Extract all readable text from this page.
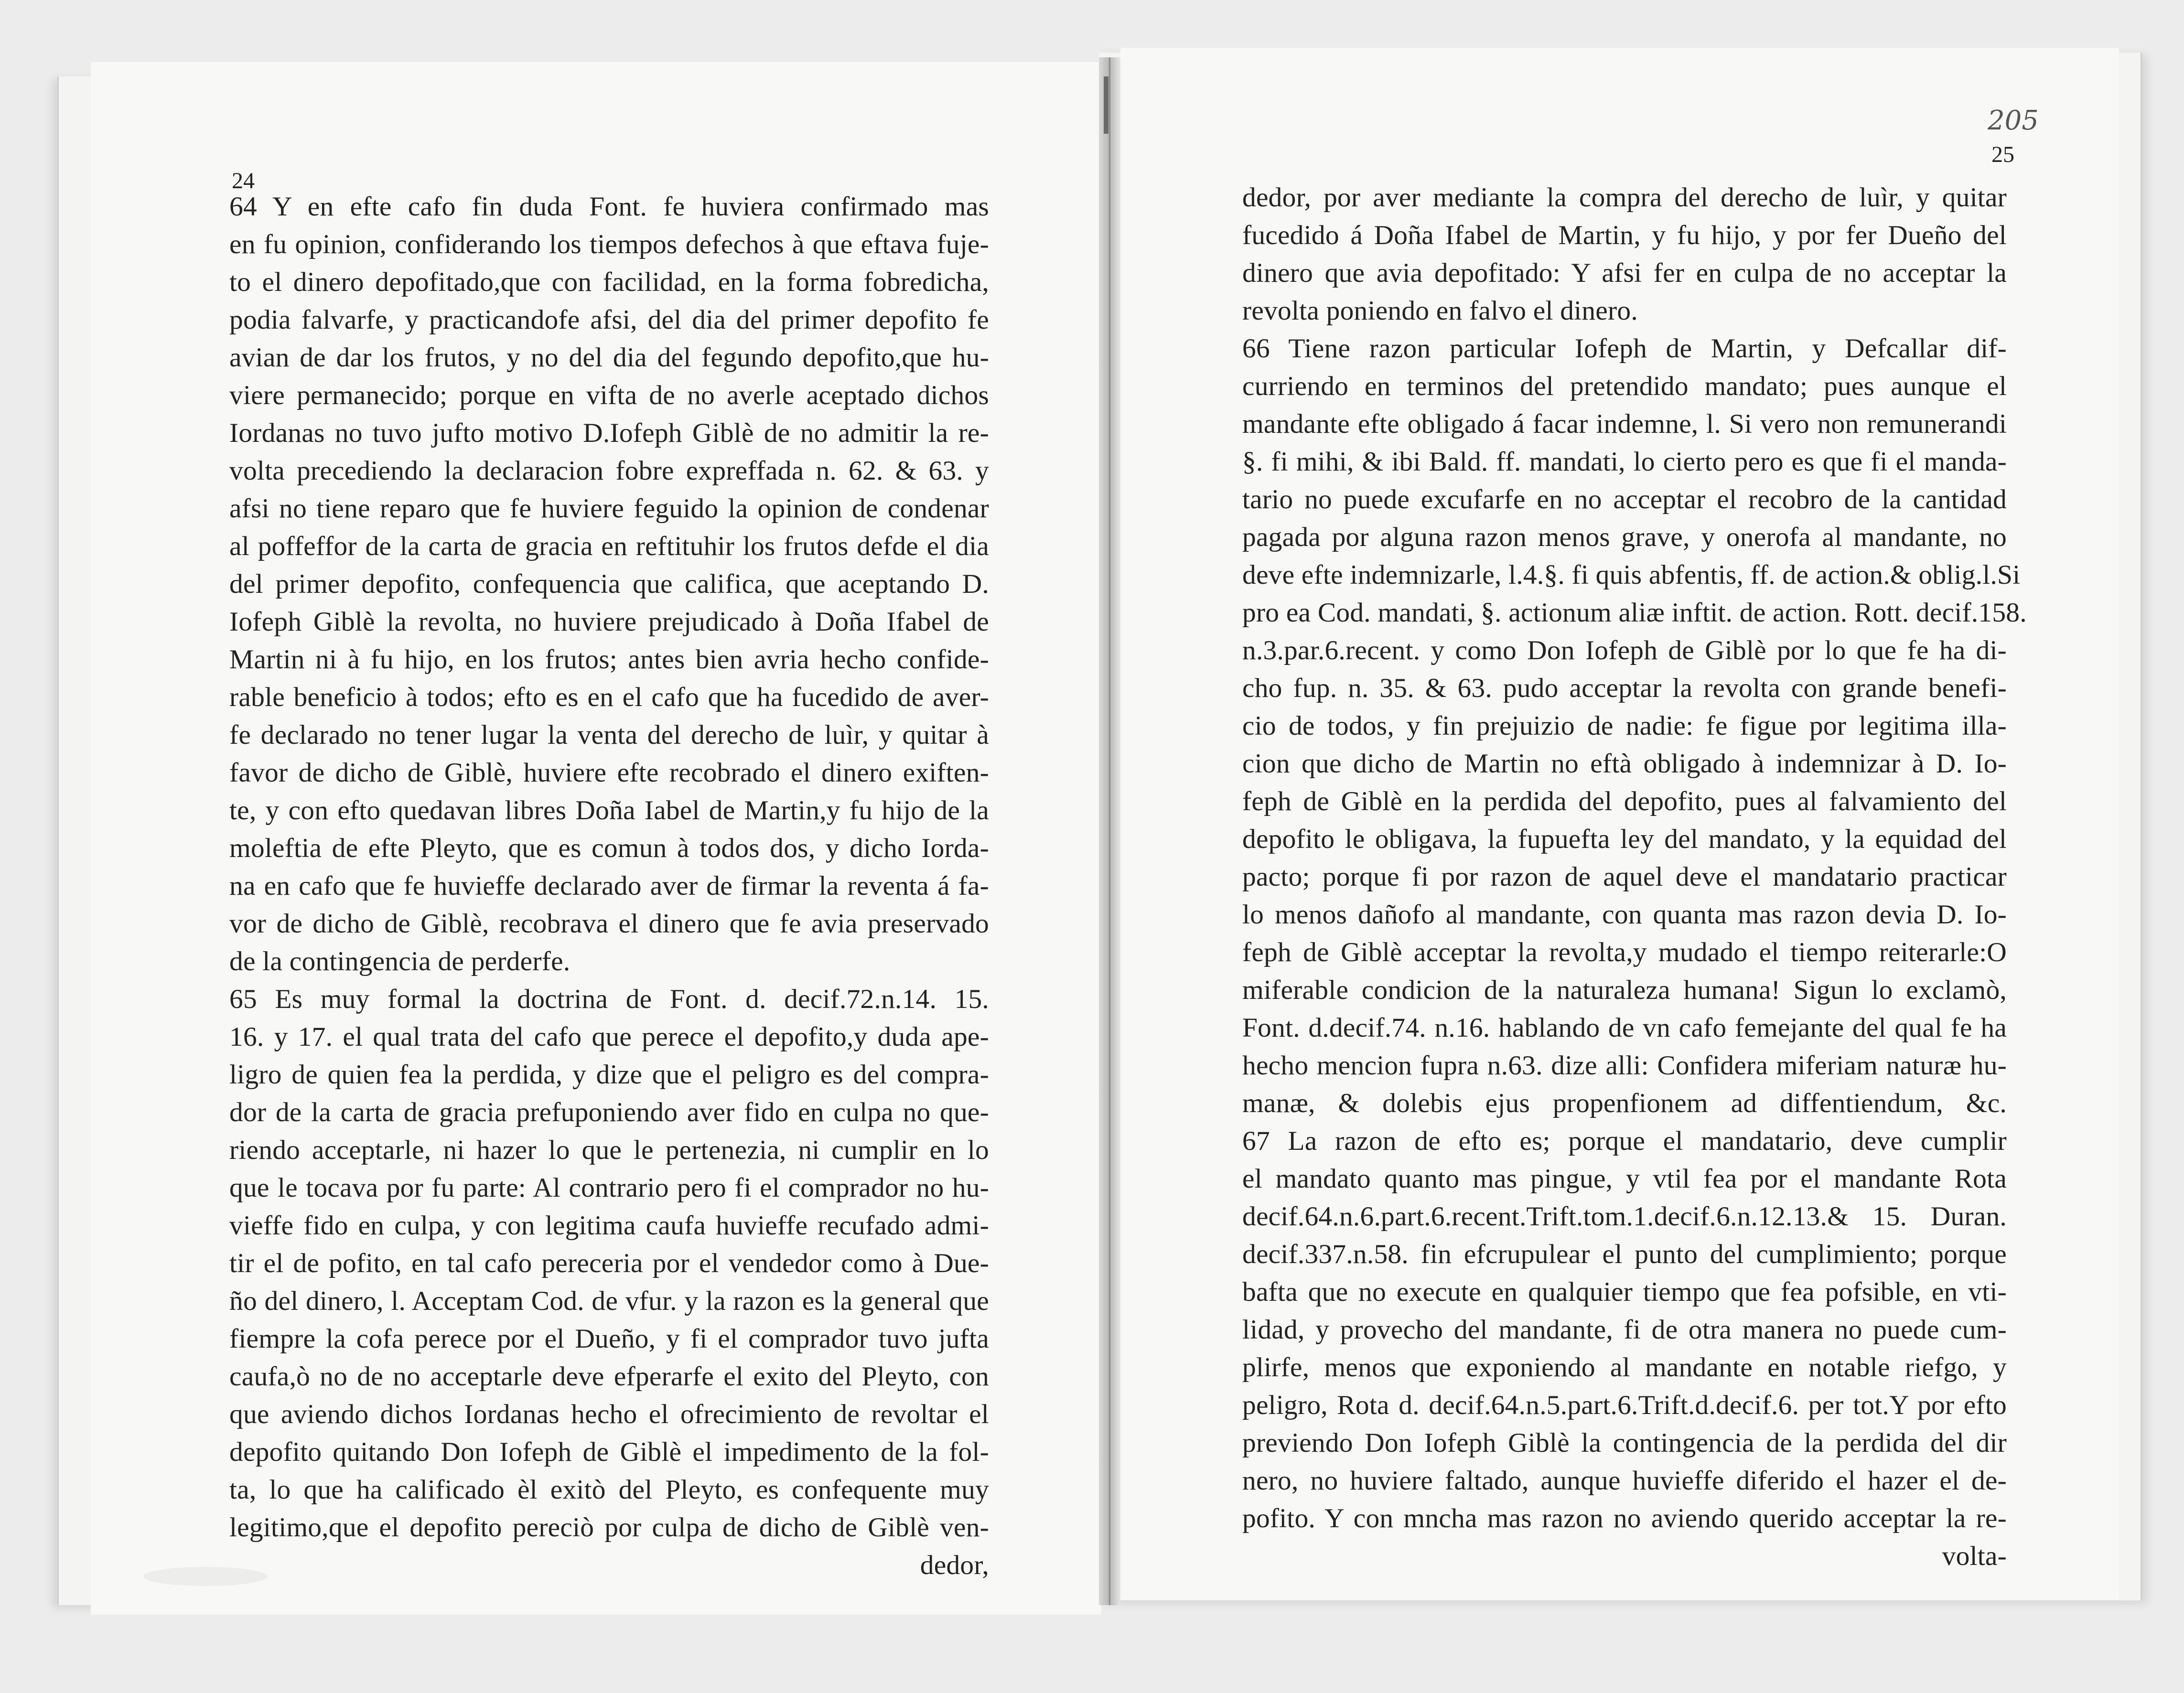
24
64 Y en efte cafo fin duda Font. fe huviera confirmado mas
en fu opinion, confiderando los tiempos defechos à que eftava fuje-
to el dinero depofitado,que con facilidad, en la forma fobredicha,
podia falvarfe, y practicandofe afsi, del dia del primer depofito fe
avian de dar los frutos, y no del dia del fegundo depofito,que hu-
viere permanecido; porque en vifta de no averle aceptado dichos
Iordanas no tuvo jufto motivo D.Iofeph Giblè de no admitir la re-
volta precediendo la declaracion fobre expreffada n. 62. & 63. y
afsi no tiene reparo que fe huviere feguido la opinion de condenar
al poffeffor de la carta de gracia en reftituhir los frutos defde el dia
del primer depofito, confequencia que califica, que aceptando D.
Iofeph Giblè la revolta, no huviere prejudicado à Doña Ifabel de
Martin ni à fu hijo, en los frutos; antes bien avria hecho confide-
rable beneficio à todos; efto es en el cafo que ha fucedido de aver-
fe declarado no tener lugar la venta del derecho de luìr, y quitar à
favor de dicho de Giblè, huviere efte recobrado el dinero exiften-
te, y con efto quedavan libres Doña Iabel de Martin,y fu hijo de la
moleftia de efte Pleyto, que es comun à todos dos, y dicho Iorda-
na en cafo que fe huvieffe declarado aver de firmar la reventa á fa-
vor de dicho de Giblè, recobrava el dinero que fe avia preservado
de la contingencia de perderfe.
65 Es muy formal la doctrina de Font. d. decif.72.n.14. 15.
16. y 17. el qual trata del cafo que perece el depofito,y duda ape-
ligro de quien fea la perdida, y dize que el peligro es del compra-
dor de la carta de gracia prefuponiendo aver fido en culpa no que-
riendo acceptarle, ni hazer lo que le pertenezia, ni cumplir en lo
que le tocava por fu parte: Al contrario pero fi el comprador no hu-
vieffe fido en culpa, y con legitima caufa huvieffe recufado admi-
tir el de pofito, en tal cafo pereceria por el vendedor como à Due-
ño del dinero, l. Acceptam Cod. de vfur. y la razon es la general que
fiempre la cofa perece por el Dueño, y fi el comprador tuvo jufta
caufa,ò no de no acceptarle deve efperarfe el exito del Pleyto, con
que aviendo dichos Iordanas hecho el ofrecimiento de revoltar el
depofito quitando Don Iofeph de Giblè el impedimento de la fol-
ta, lo que ha calificado èl exitò del Pleyto, es confequente muy
legitimo,que el depofito pereciò por culpa de dicho de Giblè ven-
dedor,
205
25
dedor, por aver mediante la compra del derecho de luìr, y quitar
fucedido á Doña Ifabel de Martin, y fu hijo, y por fer Dueño del
dinero que avia depofitado: Y afsi fer en culpa de no acceptar la
revolta poniendo en falvo el dinero.
66 Tiene razon particular Iofeph de Martin, y Defcallar dif-
curriendo en terminos del pretendido mandato; pues aunque el
mandante efte obligado á facar indemne, l. Si vero non remunerandi
§. fi mihi, & ibi Bald. ff. mandati, lo cierto pero es que fi el manda-
tario no puede excufarfe en no acceptar el recobro de la cantidad
pagada por alguna razon menos grave, y onerofa al mandante, no
deve efte indemnizarle, l.4.§. fi quis abfentis, ff. de action.& oblig.l.Si
pro ea Cod. mandati, §. actionum aliæ inftit. de action. Rott. decif.158.
n.3.par.6.recent. y como Don Iofeph de Giblè por lo que fe ha di-
cho fup. n. 35. & 63. pudo acceptar la revolta con grande benefi-
cio de todos, y fin prejuizio de nadie: fe figue por legitima illa-
cion que dicho de Martin no eftà obligado à indemnizar à D. Io-
feph de Giblè en la perdida del depofito, pues al falvamiento del
depofito le obligava, la fupuefta ley del mandato, y la equidad del
pacto; porque fi por razon de aquel deve el mandatario practicar
lo menos dañofo al mandante, con quanta mas razon devia D. Io-
feph de Giblè acceptar la revolta,y mudado el tiempo reiterarle:O
miferable condicion de la naturaleza humana! Sigun lo exclamò,
Font. d.decif.74. n.16. hablando de vn cafo femejante del qual fe ha
hecho mencion fupra n.63. dize alli: Confidera miferiam naturæ hu-
manæ, & dolebis ejus propenfionem ad diffentiendum, &c.
67 La razon de efto es; porque el mandatario, deve cumplir
el mandato quanto mas pingue, y vtil fea por el mandante Rota
decif.64.n.6.part.6.recent.Trift.tom.1.decif.6.n.12.13.& 15. Duran.
decif.337.n.58. fin efcrupulear el punto del cumplimiento; porque
bafta que no execute en qualquier tiempo que fea pofsible, en vti-
lidad, y provecho del mandante, fi de otra manera no puede cum-
plirfe, menos que exponiendo al mandante en notable riefgo, y
peligro, Rota d. decif.64.n.5.part.6.Trift.d.decif.6. per tot.Y por efto
previendo Don Iofeph Giblè la contingencia de la perdida del dir
nero, no huviere faltado, aunque huvieffe diferido el hazer el de-
pofito. Y con mncha mas razon no aviendo querido acceptar la re-
volta-
